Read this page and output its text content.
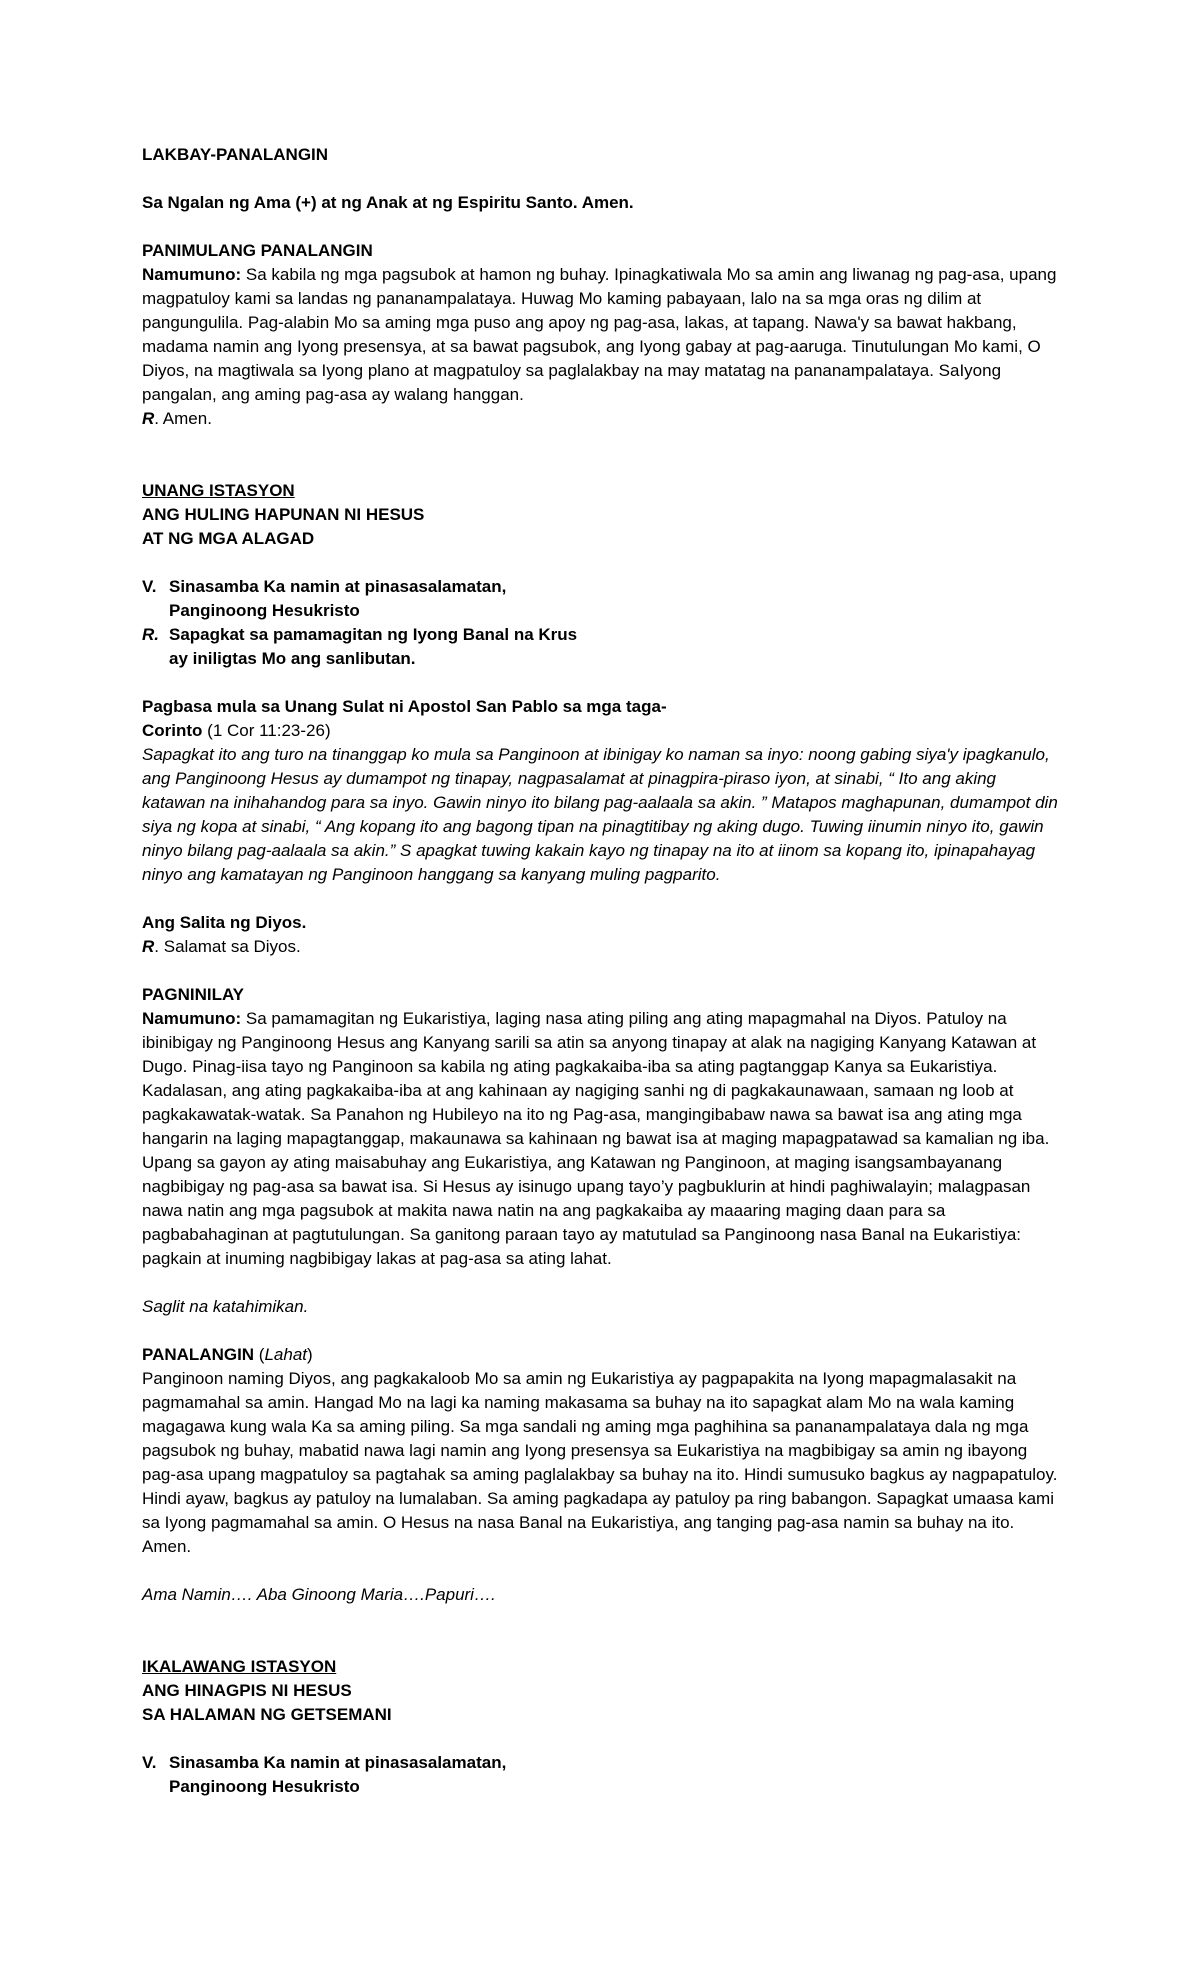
LAKBAY-PANALANGIN

Sa Ngalan ng Ama (+) at ng Anak at ng Espiritu Santo. Amen.

PANIMULANG PANALANGIN

Namumuno: Sa kabila ng mga pagsubok at hamon ng buhay. Ipinagkatiwala Mo sa amin ang liwanag ng pag-asa, upang magpatuloy kami sa landas ng pananampalataya. Huwag Mo kaming pabayaan, lalo na sa mga oras ng dilim at pangungulila. Pag-alabin Mo sa aming mga puso ang apoy ng pag-asa, lakas, at tapang. Nawa'y sa bawat hakbang, madama namin ang Iyong presensya, at sa bawat pagsubok, ang Iyong gabay at pag-aaruga. Tinutulungan Mo kami, O Diyos, na magtiwala sa Iyong plano at magpatuloy sa paglalakbay na may matatag na pananampalataya. SaIyong pangalan, ang aming pag-asa ay walang hanggan.

R. Amen.

UNANG ISTASYON

ANG HULING HAPUNAN NI HESUS

AT NG MGA ALAGAD

V. Sinasamba Ka namin at pinasasalamatan,

Panginoong Hesukristo

R. Sapagkat sa pamamagitan ng Iyong Banal na Krus

ay iniligtas Mo ang sanlibutan.

Pagbasa mula sa Unang Sulat ni Apostol San Pablo sa mga taga-

Corinto (1 Cor 11:23-26)

Sapagkat ito ang turo na tinanggap ko mula sa Panginoon at ibinigay ko naman sa inyo: noong gabing siya'y ipagkanulo, ang Panginoong Hesus ay dumampot ng tinapay, nagpasalamat at pinagpira-piraso iyon, at sinabi, “ Ito ang aking katawan na inihahandog para sa inyo. Gawin ninyo ito bilang pag-aalaala sa akin. ” Matapos maghapunan, dumampot din siya ng kopa at sinabi, “ Ang kopang ito ang bagong tipan na pinagtitibay ng aking dugo. Tuwing iinumin ninyo ito, gawin ninyo bilang pag-aalaala sa akin.” S apagkat tuwing kakain kayo ng tinapay na ito at iinom sa kopang ito, ipinapahayag ninyo ang kamatayan ng Panginoon hanggang sa kanyang muling pagparito.

Ang Salita ng Diyos.

R. Salamat sa Diyos.

PAGNINILAY

Namumuno: Sa pamamagitan ng Eukaristiya, laging nasa ating piling ang ating mapagmahal na Diyos. Patuloy na ibinibigay ng Panginoong Hesus ang Kanyang sarili sa atin sa anyong tinapay at alak na nagiging Kanyang Katawan at Dugo. Pinag-iisa tayo ng Panginoon sa kabila ng ating pagkakaiba-iba sa ating pagtanggap Kanya sa Eukaristiya. Kadalasan, ang ating pagkakaiba-iba at ang kahinaan ay nagiging sanhi ng di pagkakaunawaan, samaan ng loob at pagkakawatak-watak. Sa Panahon ng Hubileyo na ito ng Pag-asa, mangingibabaw nawa sa bawat isa ang ating mga hangarin na laging mapagtanggap, makaunawa sa kahinaan ng bawat isa at maging mapagpatawad sa kamalian ng iba. Upang sa gayon ay ating maisabuhay ang Eukaristiya, ang Katawan ng Panginoon, at maging isangsambayanang nagbibigay ng pag-asa sa bawat isa. Si Hesus ay isinugo upang tayo’y pagbuklurin at hindi paghiwalayin; malagpasan nawa natin ang mga pagsubok at makita nawa natin na ang pagkakaiba ay maaaring maging daan para sa pagbabahaginan at pagtutulungan. Sa ganitong paraan tayo ay matutulad sa Panginoong nasa Banal na Eukaristiya: pagkain at inuming nagbibigay lakas at pag-asa sa ating lahat.

Saglit na katahimikan.

PANALANGIN (Lahat)

Panginoon naming Diyos, ang pagkakaloob Mo sa amin ng Eukaristiya ay pagpapakita na Iyong mapagmalasakit na pagmamahal sa amin. Hangad Mo na lagi ka naming makasama sa buhay na ito sapagkat alam Mo na wala kaming magagawa kung wala Ka sa aming piling. Sa mga sandali ng aming mga paghihina sa pananampalataya dala ng mga pagsubok ng buhay, mabatid nawa lagi namin ang Iyong presensya sa Eukaristiya na magbibigay sa amin ng ibayong pag-asa upang magpatuloy sa pagtahak sa aming paglalakbay sa buhay na ito. Hindi sumusuko bagkus ay nagpapatuloy. Hindi ayaw, bagkus ay patuloy na lumalaban. Sa aming pagkadapa ay patuloy pa ring babangon. Sapagkat umaasa kami sa Iyong pagmamahal sa amin. O Hesus na nasa Banal na Eukaristiya, ang tanging pag-asa namin sa buhay na ito. Amen.

Ama Namin…. Aba Ginoong Maria….Papuri….

IKALAWANG ISTASYON

ANG HINAGPIS NI HESUS

SA HALAMAN NG GETSEMANI

V. Sinasamba Ka namin at pinasasalamatan,

Panginoong Hesukristo
